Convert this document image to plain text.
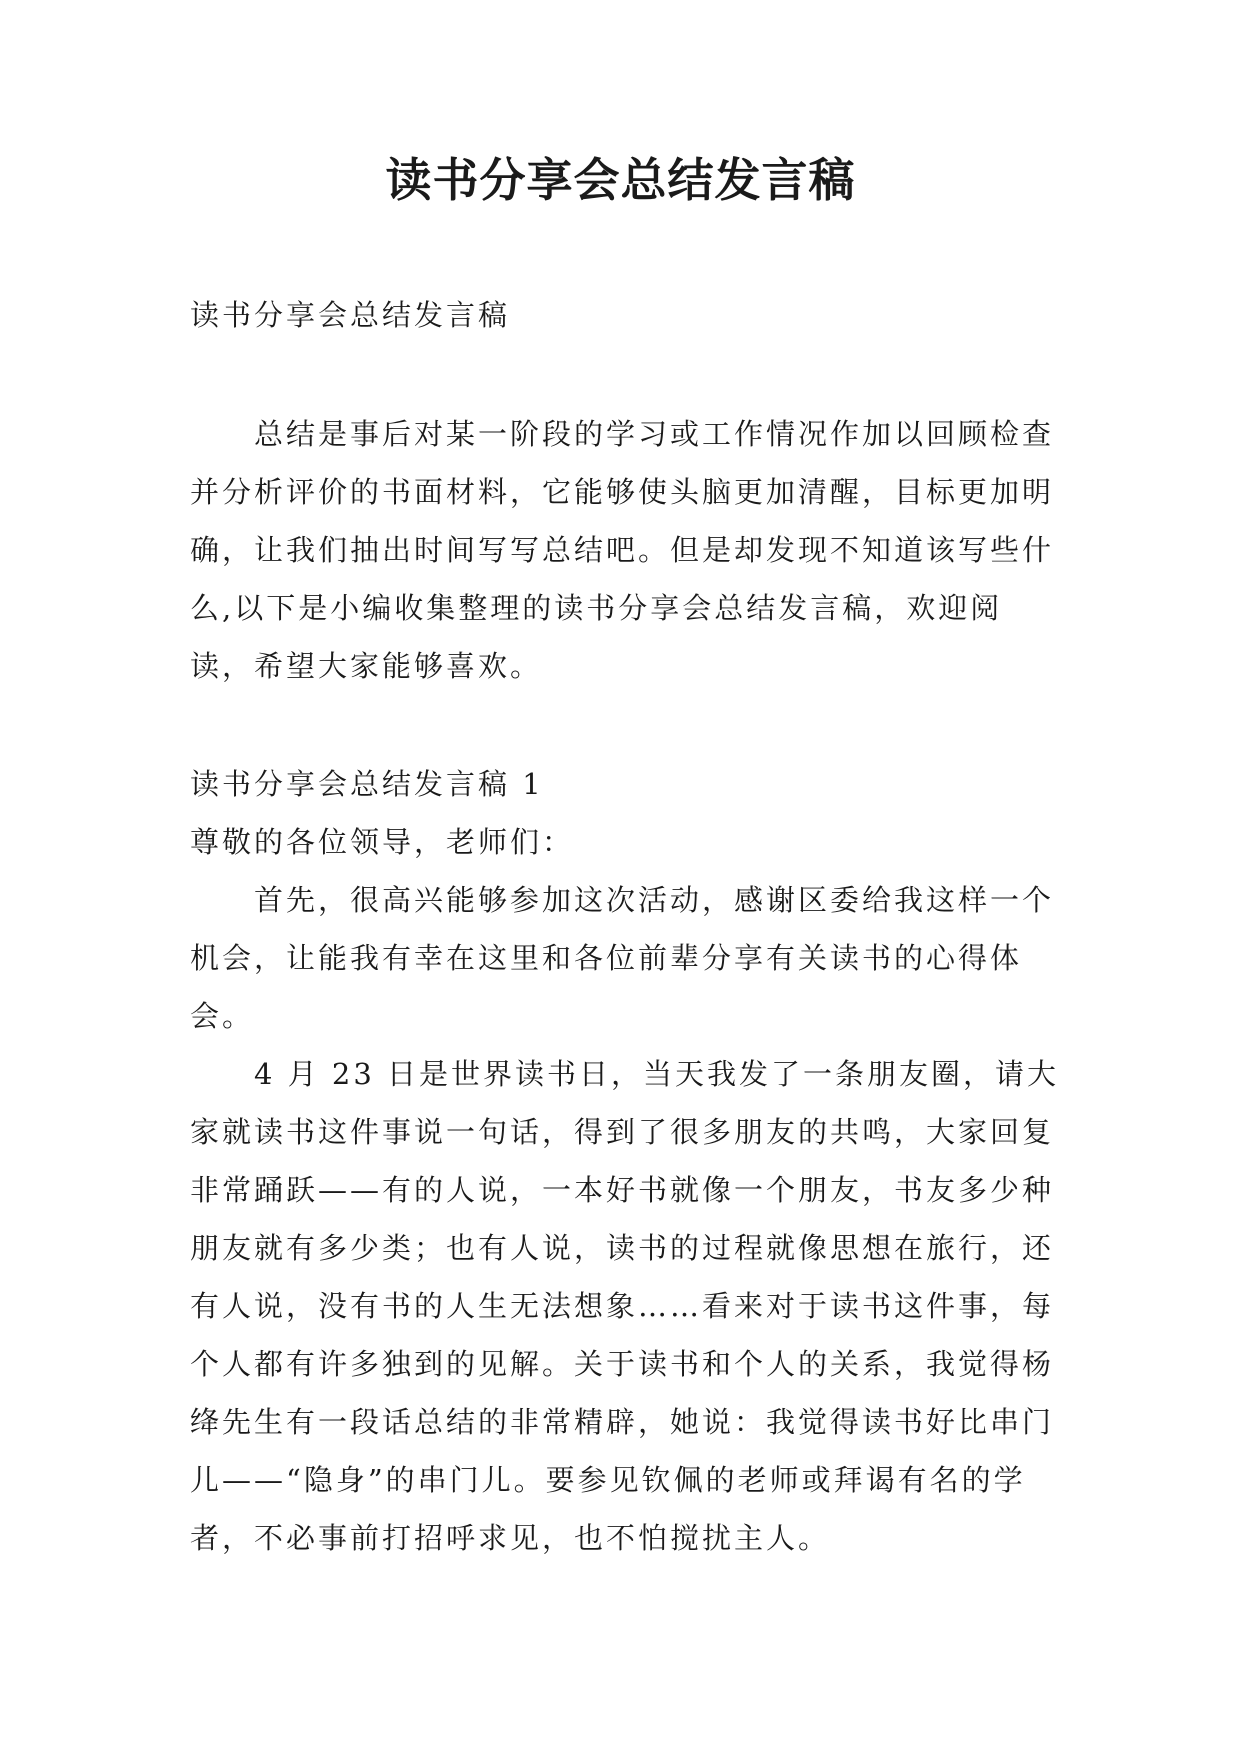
读书分享会总结发言稿
读书分享会总结发言稿

总结是事后对某一阶段的学习或工作情况作加以回顾检查并分析评价的书面材料，它能够使头脑更加清醒，目标更加明确，让我们抽出时间写写总结吧。但是却发现不知道该写些什么,以下是小编收集整理的读书分享会总结发言稿，欢迎阅读，希望大家能够喜欢。

读书分享会总结发言稿 1

尊敬的各位领导，老师们：

首先，很高兴能够参加这次活动，感谢区委给我这样一个机会，让能我有幸在这里和各位前辈分享有关读书的心得体会。

4 月 23 日是世界读书日，当天我发了一条朋友圈，请大家就读书这件事说一句话，得到了很多朋友的共鸣，大家回复非常踊跃——有的人说，一本好书就像一个朋友，书友多少种朋友就有多少类；也有人说，读书的过程就像思想在旅行，还有人说，没有书的人生无法想象……看来对于读书这件事，每个人都有许多独到的见解。关于读书和个人的关系，我觉得杨绛先生有一段话总结的非常精辟，她说：我觉得读书好比串门儿——“隐身”的串门儿。要参见钦佩的老师或拜谒有名的学者，不必事前打招呼求见，也不怕搅扰主人。
